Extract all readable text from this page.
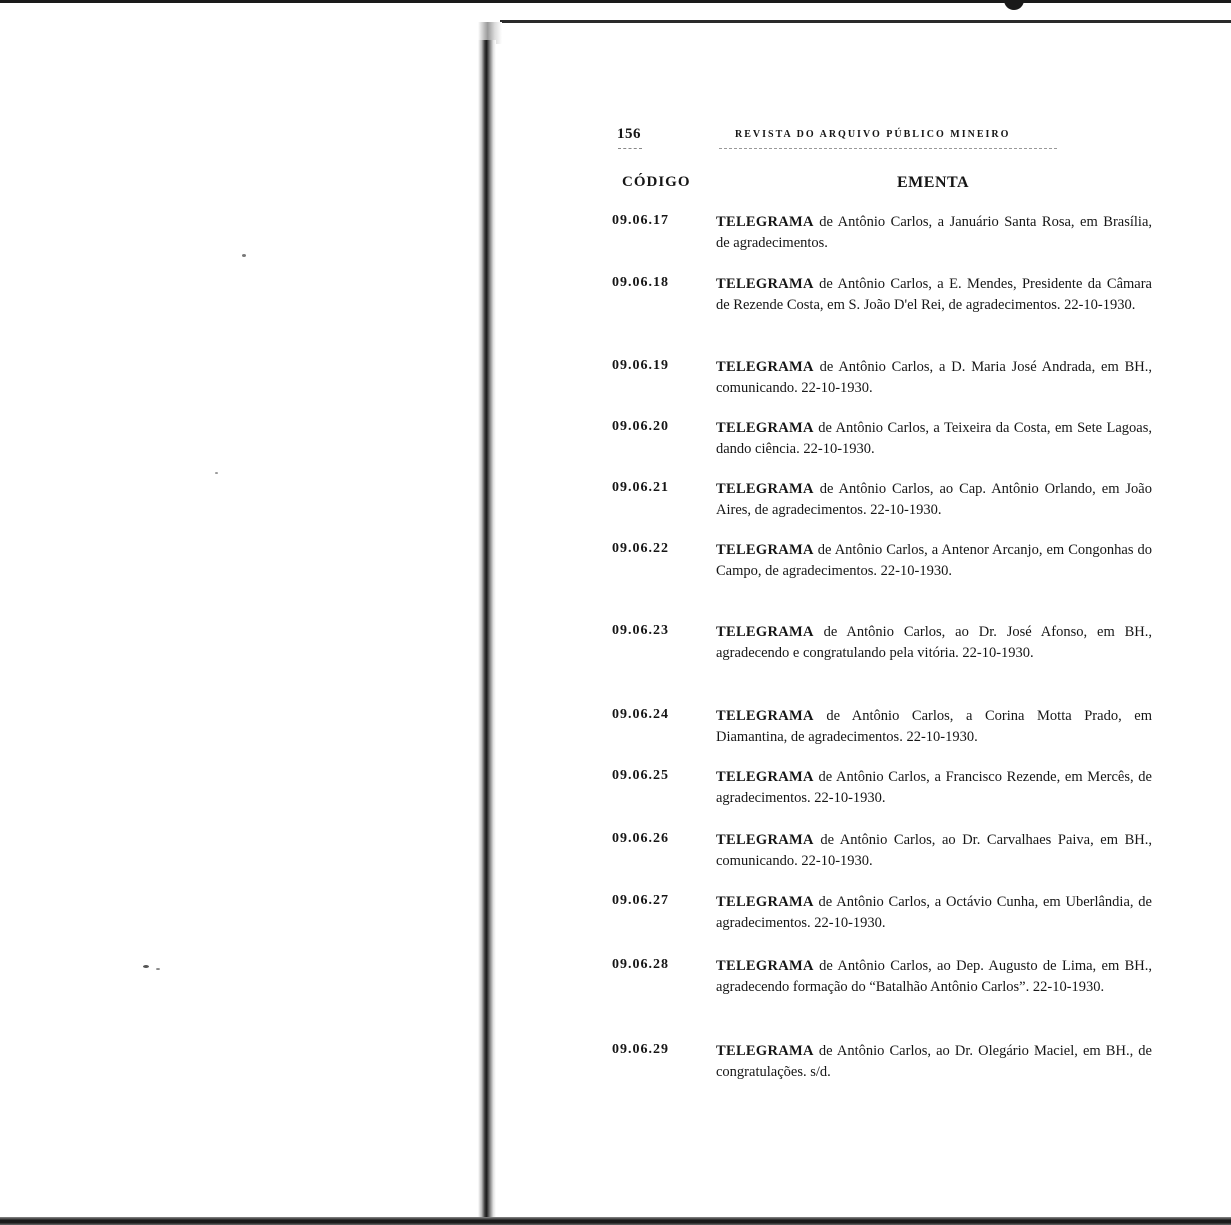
156	REVISTA DO ARQUIVO PÚBLICO MINEIRO
CÓDIGO	EMENTA
09.06.17	TELEGRAMA de Antônio Carlos, a Januário Santa Rosa, em Brasília, de agradecimentos.
09.06.18	TELEGRAMA de Antônio Carlos, a E. Mendes, Presidente da Câmara de Rezende Costa, em S. João D'el Rei, de agradecimentos. 22-10-1930.
09.06.19	TELEGRAMA de Antônio Carlos, a D. Maria José Andrada, em BH., comunicando. 22-10-1930.
09.06.20	TELEGRAMA de Antônio Carlos, a Teixeira da Costa, em Sete Lagoas, dando ciência. 22-10-1930.
09.06.21	TELEGRAMA de Antônio Carlos, ao Cap. Antônio Orlando, em João Aires, de agradecimentos. 22-10-1930.
09.06.22	TELEGRAMA de Antônio Carlos, a Antenor Arcanjo, em Congonhas do Campo, de agradecimentos. 22-10-1930.
09.06.23	TELEGRAMA de Antônio Carlos, ao Dr. José Afonso, em BH., agradecendo e congratulando pela vitória. 22-10-1930.
09.06.24	TELEGRAMA de Antônio Carlos, a Corina Motta Prado, em Diamantina, de agradecimentos. 22-10-1930.
09.06.25	TELEGRAMA de Antônio Carlos, a Francisco Rezende, em Mercês, de agradecimentos. 22-10-1930.
09.06.26	TELEGRAMA de Antônio Carlos, ao Dr. Carvalhaes Paiva, em BH., comunicando. 22-10-1930.
09.06.27	TELEGRAMA de Antônio Carlos, a Octávio Cunha, em Uberlândia, de agradecimentos. 22-10-1930.
09.06.28	TELEGRAMA de Antônio Carlos, ao Dep. Augusto de Lima, em BH., agradecendo formação do “Batalhão Antônio Carlos”. 22-10-1930.
09.06.29	TELEGRAMA de Antônio Carlos, ao Dr. Olegário Maciel, em BH., de congratulações. s/d.
